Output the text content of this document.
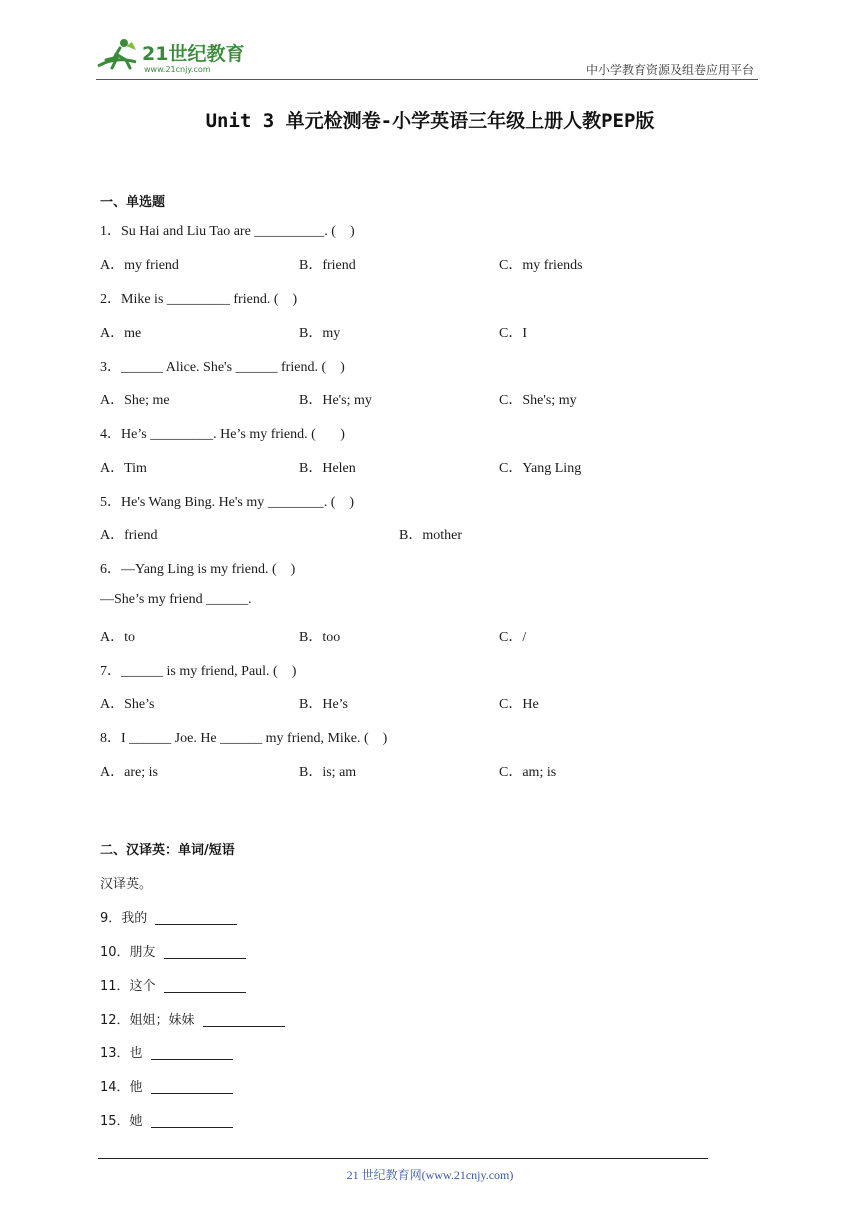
21世纪教育
www.21cnjy.com	中小学教育资源及组卷应用平台
Unit 3 单元检测卷-小学英语三年级上册人教PEP版
一、单选题
1．Su Hai and Liu Tao are __________. (    )
A．my friend	B．friend	C．my friends
2．Mike is _________ friend. (    )
A．me	B．my	C．I
3．______ Alice. She's ______ friend. (    )
A．She; me	B．He's; my	C．She's; my
4．He’s _________. He’s my friend. (       )
A．Tim	B．Helen	C．Yang Ling
5．He's Wang Bing. He's my ________. (    )
A．friend	B．mother
6．—Yang Ling is my friend. (    )
—She’s my friend ______.
A．to	B．too	C．/
7．______ is my friend, Paul. (    )
A．She’s	B．He’s	C．He
8．I ______ Joe. He ______ my friend, Mike. (    )
A．are; is	B．is; am	C．am; is
二、汉译英：单词/短语
汉译英。
9．我的
10．朋友
11．这个
12．姐姐；妹妹
13．也
14．他
15．她
21 世纪教育网(www.21cnjy.com)
